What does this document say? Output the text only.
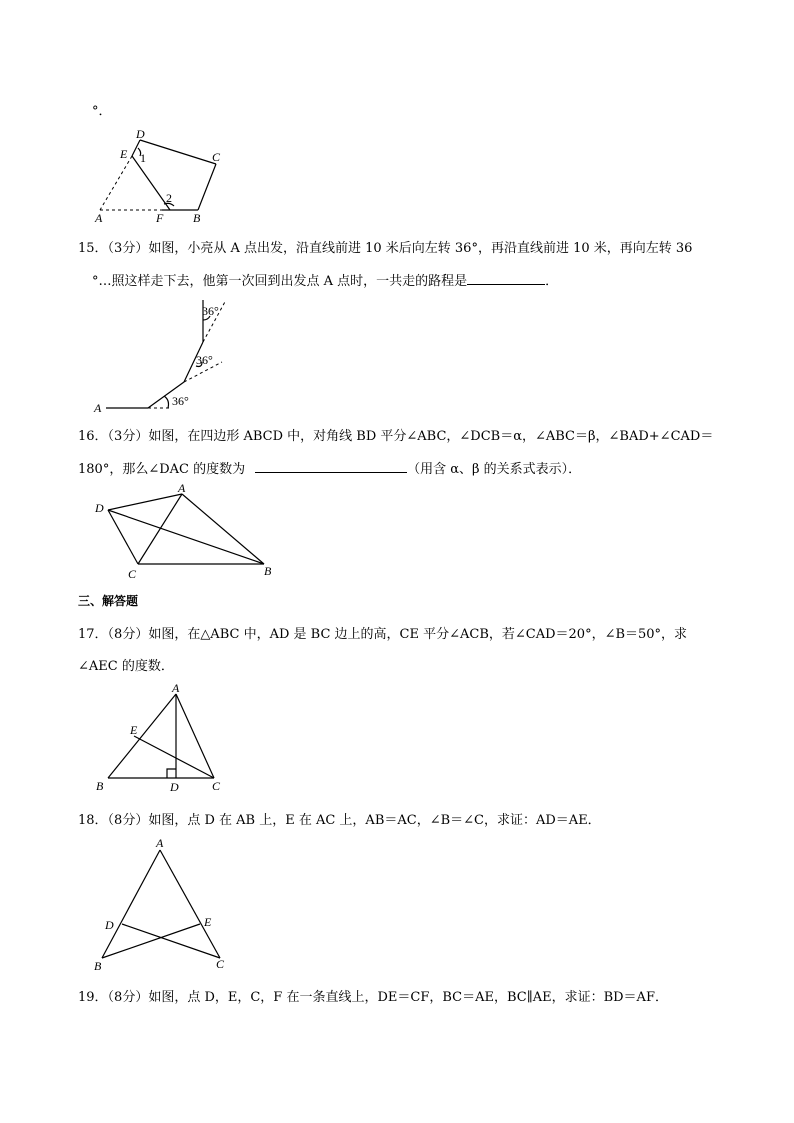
°．
D
E 1	C
2
A	F B
15．（3分）如图，小亮从 A 点出发，沿直线前进 10 米后向左转 36°，再沿直线前进 10 米，再向左转 36
°…照这样走下去，他第一次回到出发点 A 点时，一共走的路程是	．
A	36°
36°
36°
16．（3分）如图，在四边形 ABCD 中，对角线 BD 平分∠ABC，∠DCB＝α，∠ABC＝β，∠BAD+∠CAD＝
180°，那么∠DAC 的度数为	（用含 α、β 的关系式表示）．
A
D
C	B
三、解答题
17．（8分）如图，在△ABC 中，AD 是 BC 边上的高，CE 平分∠ACB，若∠CAD＝20°，∠B＝50°，求
∠AEC 的度数．
A
E
B	D	C
18．（8分）如图，点 D 在 AB 上，E 在 AC 上，AB＝AC，∠B＝∠C，求证：AD＝AE．
A
D	E
B	C
19．（8分）如图，点 D，E，C，F 在一条直线上，DE＝CF，BC＝AE，BC∥AE，求证：BD＝AF．
